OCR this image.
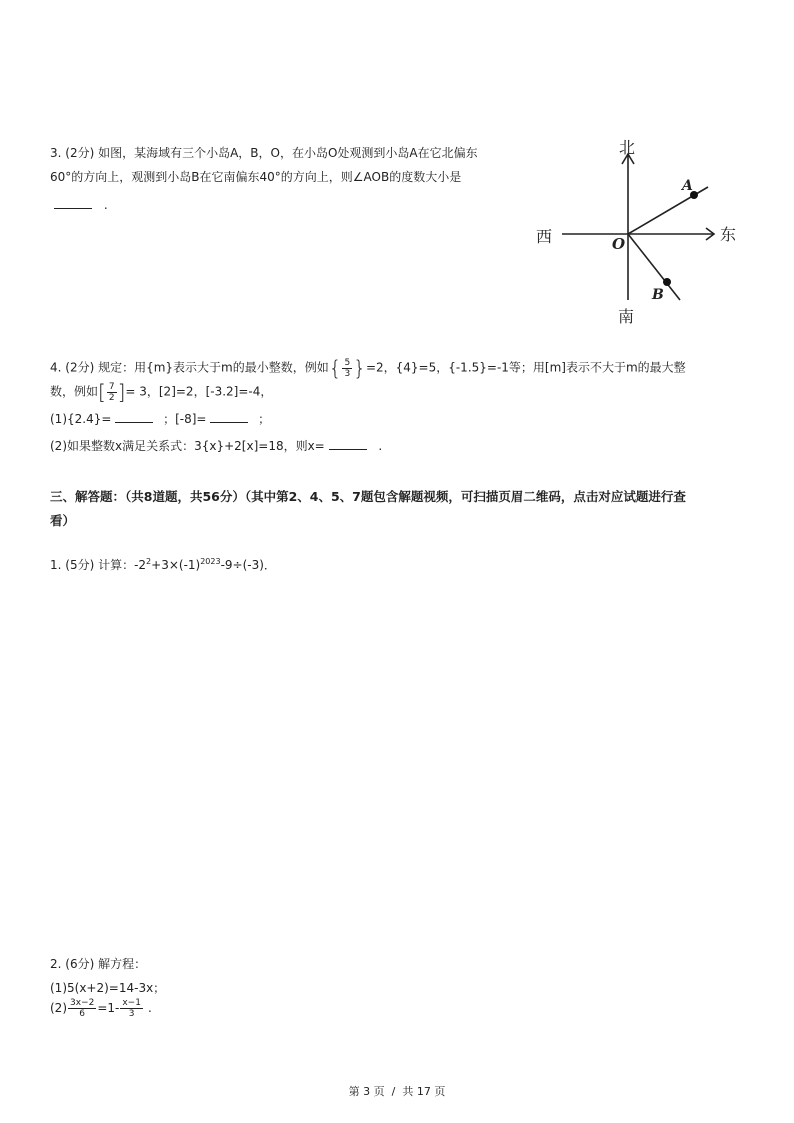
3. (2分) 如图，某海域有三个小岛A，B，O，在小岛O处观测到小岛A在它北偏东
60°的方向上，观测到小岛B在它南偏东40°的方向上，则∠AOB的度数大小是
.
北
南
西	东
O
A
B
4. (2分) 规定：用{m}表示大于m的最小整数，例如{ $\frac{5}{3} \}=2$，{4}=5，{-1.5}=-1等；用[m]表示不大于m的最大整
数，例如[ $\frac{7}{2}$ ]= 3，[2]=2，[-3.2]=-4，
(1){2.4}=	；[-8]=	；
(2)如果整数x满足关系式：3{x}+2[x]=18，则x=	.
三、解答题：（共8道题，共56分）（其中第2、4、5、7题包含解题视频，可扫描页眉二维码，点击对应试题进行查
看）
1. (5分) 计算：$-2^2+3\times(-1)^{2023}-9\div(-3)$．
2. (6分) 解方程：
(1)5(x+2)=14-3x；
$(2) \frac{3x-2}{6} =1- \frac{x-1}{3}$ .
第 3 页  /  共 17 页
